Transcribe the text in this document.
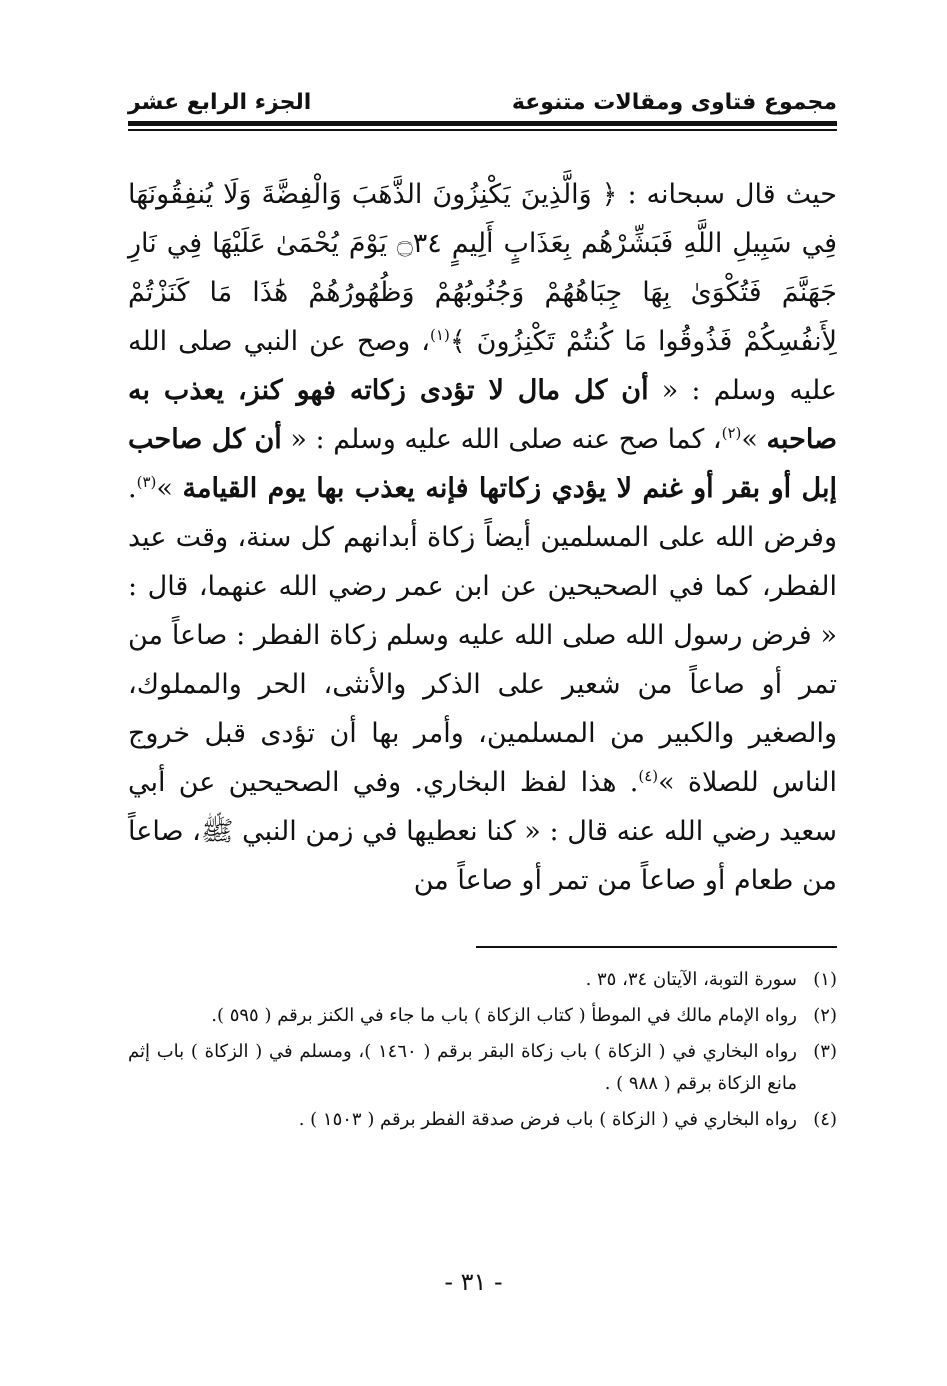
مجموع فتاوى ومقالات متنوعة
الجزء الرابع عشر
حيث قال سبحانه : ﴿ وَالَّذِينَ يَكْنِزُونَ الذَّهَبَ وَالْفِضَّةَ وَلَا يُنفِقُونَهَا فِي سَبِيلِ اللَّهِ فَبَشِّرْهُم بِعَذَابٍ أَلِيمٍ ۝٣٤ يَوْمَ يُحْمَىٰ عَلَيْهَا فِي نَارِ جَهَنَّمَ فَتُكْوَىٰ بِهَا جِبَاهُهُمْ وَجُنُوبُهُمْ وَظُهُورُهُمْ هَٰذَا مَا كَنَزْتُمْ لِأَنفُسِكُمْ فَذُوقُوا مَا كُنتُمْ تَكْنِزُونَ ﴾$^{(١)}$، وصح عن النبي صلى الله عليه وسلم : « أن كل مال لا تؤدى زكاته فهو كنز، يعذب به صاحبه »$^{(٢)}$، كما صح عنه صلى الله عليه وسلم : « أن كل صاحب إبل أو بقر أو غنم لا يؤدي زكاتها فإنه يعذب بها يوم القيامة »$^{(٣)}$. وفرض الله على المسلمين أيضاً زكاة أبدانهم كل سنة، وقت عيد الفطر، كما في الصحيحين عن ابن عمر رضي الله عنهما، قال : « فرض رسول الله صلى الله عليه وسلم زكاة الفطر : صاعاً من تمر أو صاعاً من شعير على الذكر والأنثى، الحر والمملوك، والصغير والكبير من المسلمين، وأمر بها أن تؤدى قبل خروج الناس للصلاة »$^{(٤)}$. هذا لفظ البخاري. وفي الصحيحين عن أبي سعيد رضي الله عنه قال : « كنا نعطيها في زمن النبي ﷺ، صاعاً من طعام أو صاعاً من تمر أو صاعاً من
(١)
سورة التوبة، الآيتان ٣٤، ٣٥ .
(٢)
رواه الإمام مالك في الموطأ ( كتاب الزكاة ) باب ما جاء في الكنز برقم ( ٥٩٥ ).
(٣)
رواه البخاري في ( الزكاة ) باب زكاة البقر برقم ( ١٤٦٠ )، ومسلم في ( الزكاة ) باب إثم مانع الزكاة برقم ( ٩٨٨ ) .
(٤)
رواه البخاري في ( الزكاة ) باب فرض صدقة الفطر برقم ( ١٥٠٣ ) .
- ٣١ -
